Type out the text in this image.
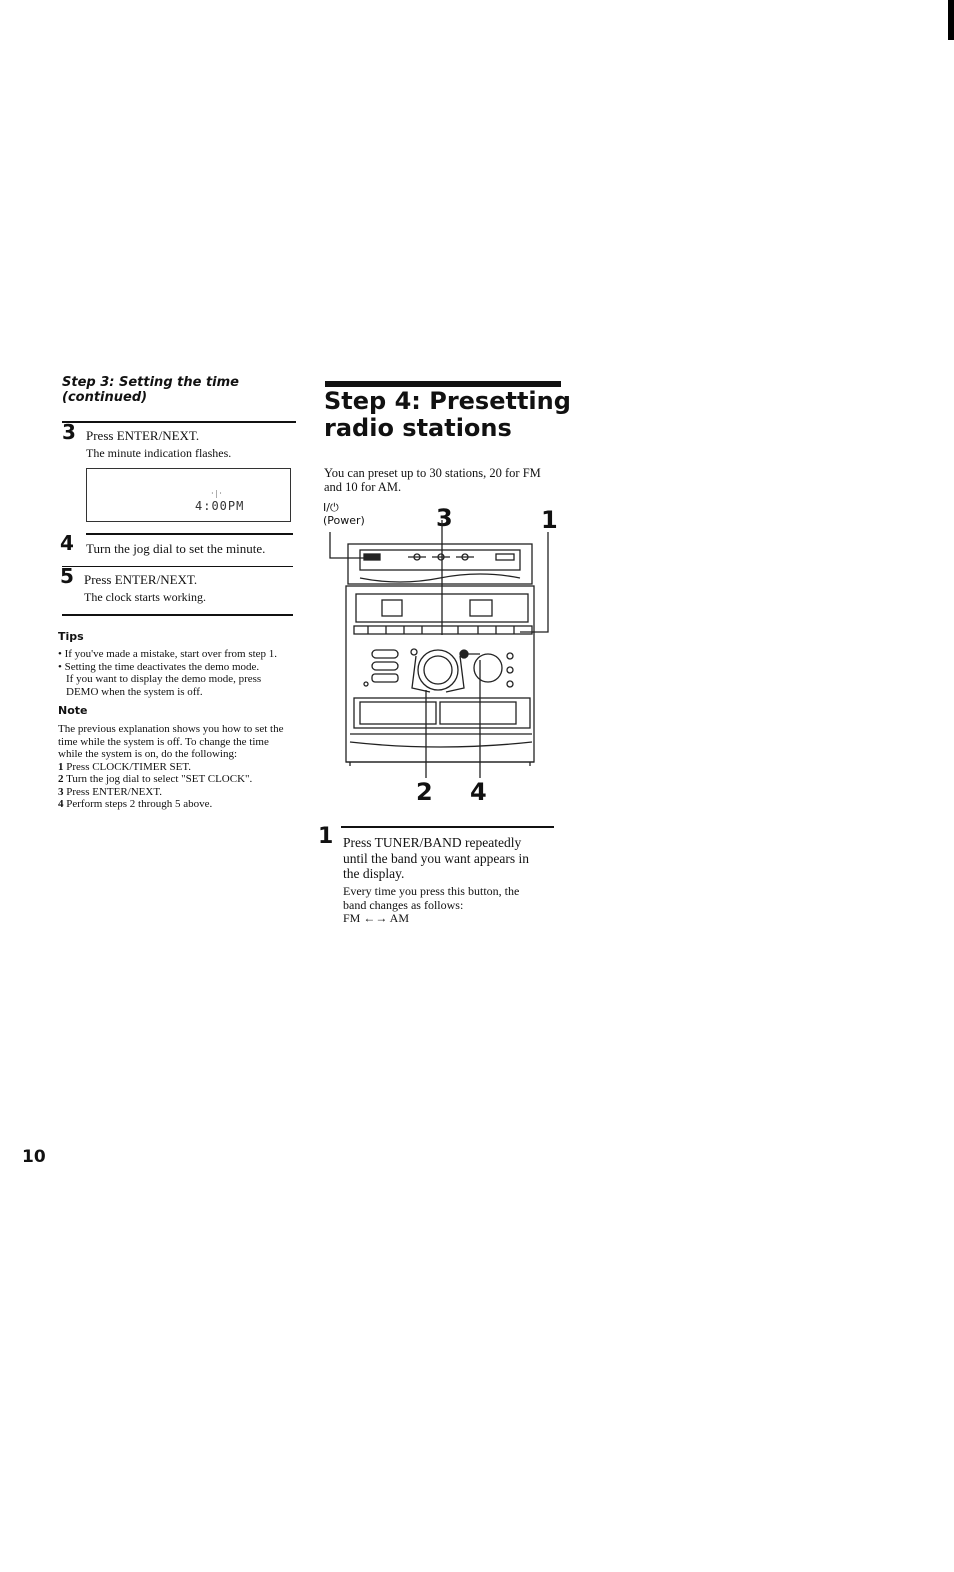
Step 3: Setting the time
(continued)
3 Press ENTER/NEXT.
The minute indication flashes.
4:00PM
· | ·
4 Turn the jog dial to set the minute.
5 Press ENTER/NEXT.
The clock starts working.
Tips
• If you've made a mistake, start over from step 1.
• Setting the time deactivates the demo mode.
If you want to display the demo mode, press
DEMO when the system is off.
Note
The previous explanation shows you how to set the
time while the system is off. To change the time
while the system is on, do the following:
1 Press CLOCK/TIMER SET.
2 Turn the jog dial to select "SET CLOCK".
3 Press ENTER/NEXT.
4 Perform steps 2 through 5 above.
Step 4: Presetting
radio stations
You can preset up to 30 stations, 20 for FM
and 10 for AM.
I/⏻
(Power)	3	1
2 4
1 Press TUNER/BAND repeatedly
until the band you want appears in
the display.
Every time you press this button, the
band changes as follows:
FM ←→ AM
10
